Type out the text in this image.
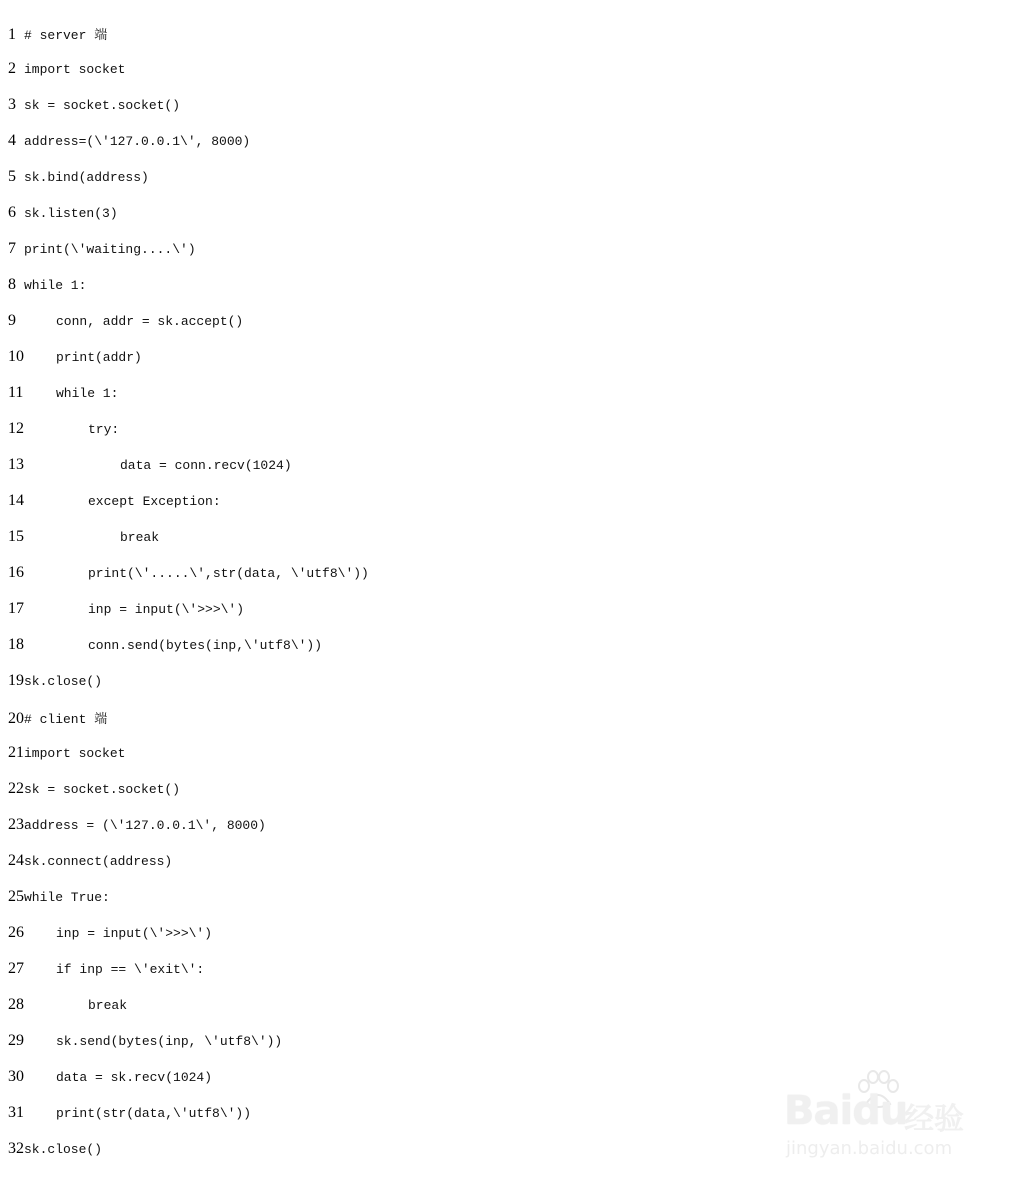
1 # server 端
2 import socket
3 sk = socket.socket()
4 address=(\'127.0.0.1\', 8000)
5 sk.bind(address)
6 sk.listen(3)
7 print(\'waiting....\')
8 while 1:
9	conn, addr = sk.accept()
10 print(addr)
11	while 1:
12	try:
13	data = conn.recv(1024)
14	except Exception:
15	break
16	print(\'.....\',str(data, \'utf8\'))
17	inp = input(\'>>>\')
18	conn.send(bytes(inp,\'utf8\'))
19 sk.close()
20 # client 端
21 import socket
22 sk = socket.socket()
23 address = (\'127.0.0.1\', 8000)
24 sk.connect(address)
25 while True:
26 inp = input(\'>>>\')
27 if inp == \'exit\':
28	break
29 sk.send(bytes(inp, \'utf8\'))
30 data = sk.recv(1024)
31 print(str(data,\'utf8\'))
32 sk.close()
Baidu
经验
jingyan.baidu.com
